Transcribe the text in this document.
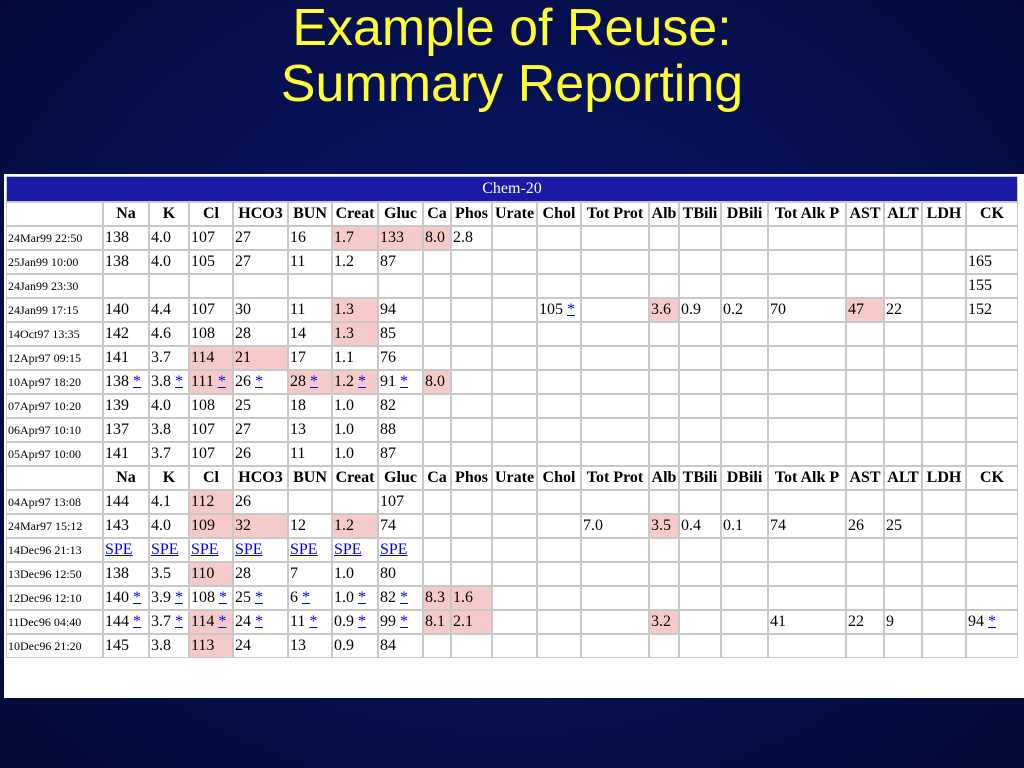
Example of Reuse:
Summary Reporting
Chem-20																				
	Na	K	Cl	HCO3	BUN	Creat	Gluc	Ca	Phos	Urate	Chol	Tot Prot	Alb	TBili	DBili	Tot Alk P	AST	ALT	LDH	CK
24Mar99 22:50	138	4.0	107	27	16	1.7	133	8.0	2.8											
25Jan99 10:00	138	4.0	105	27	11	1.2	87													165
24Jan99 23:30																				155
24Jan99 17:15	140	4.4	107	30	11	1.3	94				105 *		3.6	0.9	0.2	70	47	22		152
14Oct97 13:35	142	4.6	108	28	14	1.3	85													
12Apr97 09:15	141	3.7	114	21	17	1.1	76													
10Apr97 18:20	138 *	3.8 *	111 *	26 *	28 *	1.2 *	91 *	8.0												
07Apr97 10:20	139	4.0	108	25	18	1.0	82													
06Apr97 10:10	137	3.8	107	27	13	1.0	88													
05Apr97 10:00	141	3.7	107	26	11	1.0	87													
	Na	K	Cl	HCO3	BUN	Creat	Gluc	Ca	Phos	Urate	Chol	Tot Prot	Alb	TBili	DBili	Tot Alk P	AST	ALT	LDH	CK
04Apr97 13:08	144	4.1	112	26			107													
24Mar97 15:12	143	4.0	109	32	12	1.2	74					7.0	3.5	0.4	0.1	74	26	25		
14Dec96 21:13	SPE	SPE	SPE	SPE	SPE	SPE	SPE													
13Dec96 12:50	138	3.5	110	28	7	1.0	80													
12Dec96 12:10	140 *	3.9 *	108 *	25 *	6 *	1.0 *	82 *	8.3	1.6											
11Dec96 04:40	144 *	3.7 *	114 *	24 *	11 *	0.9 *	99 *	8.1	2.1				3.2			41	22	9		94 *
10Dec96 21:20	145	3.8	113	24	13	0.9	84													
